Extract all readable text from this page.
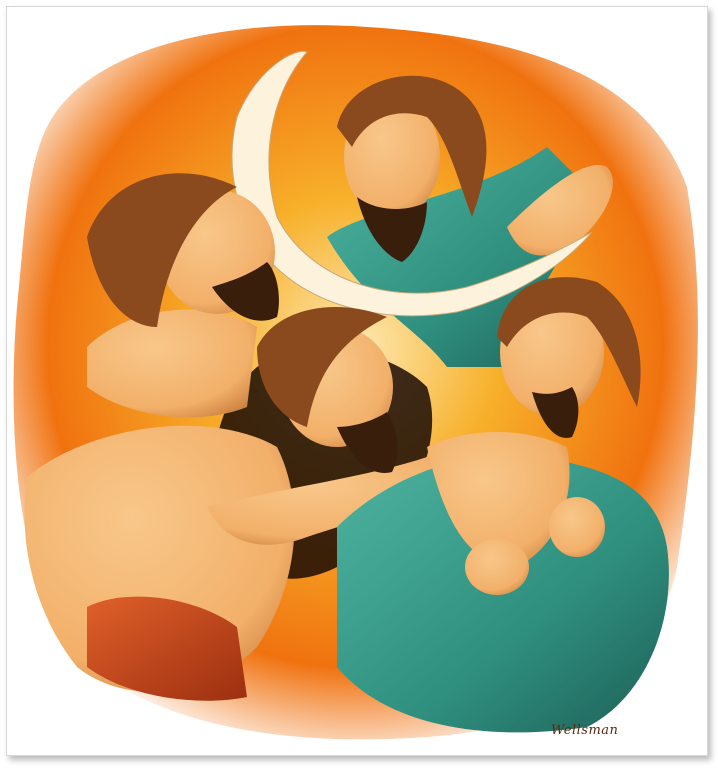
Wellsman
